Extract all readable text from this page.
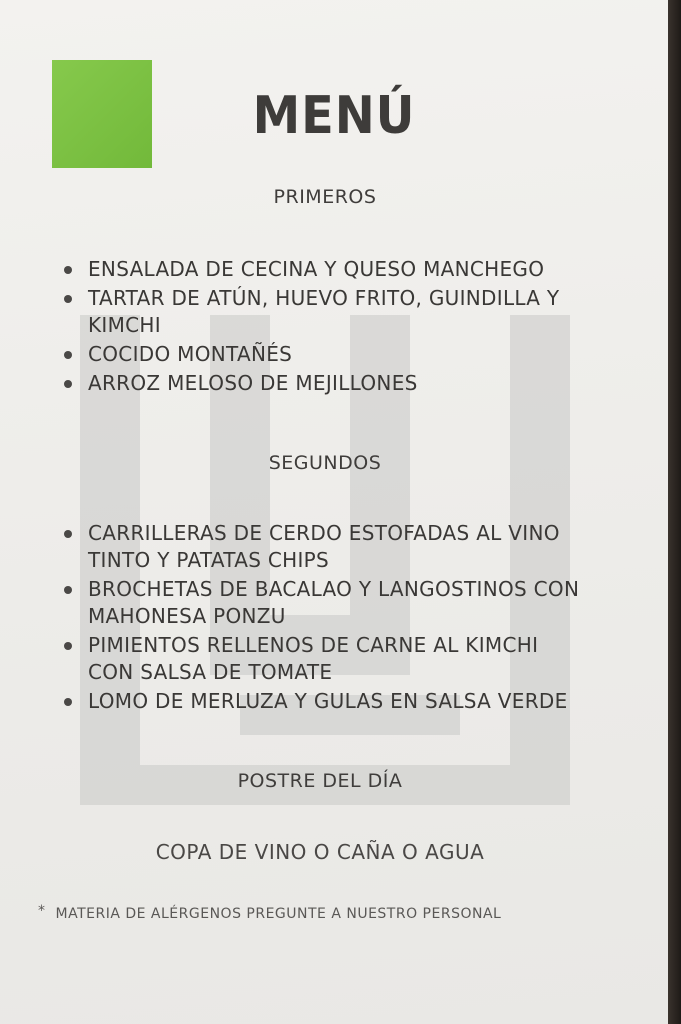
MENÚ
PRIMEROS
ENSALADA DE CECINA Y QUESO MANCHEGO
TARTAR DE ATÚN, HUEVO FRITO, GUINDILLA Y KIMCHI
COCIDO MONTAÑÉS
ARROZ MELOSO DE MEJILLONES
SEGUNDOS
CARRILLERAS DE CERDO ESTOFADAS AL VINO TINTO Y PATATAS CHIPS
BROCHETAS DE BACALAO Y LANGOSTINOS CON MAHONESA PONZU
PIMIENTOS RELLENOS DE CARNE AL KIMCHI CON SALSA DE TOMATE
LOMO DE MERLUZA Y GULAS EN SALSA VERDE
POSTRE DEL DÍA
COPA DE VINO O CAÑA O AGUA
* MATERIA DE ALÉRGENOS PREGUNTE A NUESTRO PERSONAL
